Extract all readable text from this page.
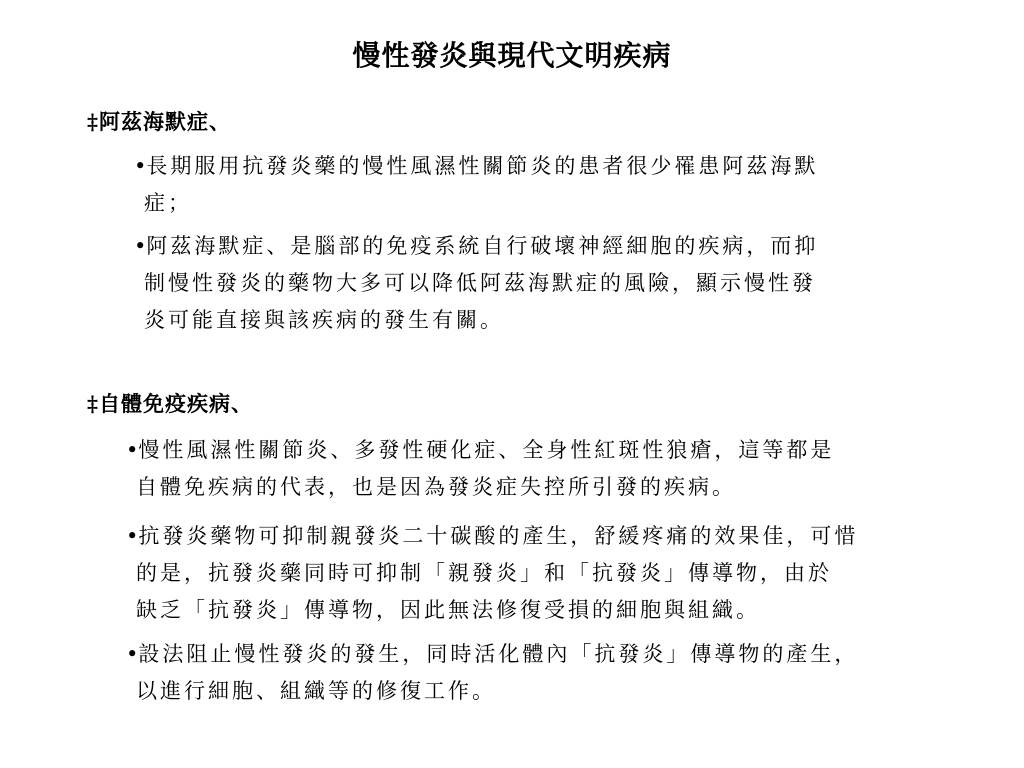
慢性發炎與現代文明疾病
‡阿茲海默症、
•長期服用抗發炎藥的慢性風濕性關節炎的患者很少罹患阿茲海默
症；
•阿茲海默症、是腦部的免疫系統自行破壞神經細胞的疾病，而抑
制慢性發炎的藥物大多可以降低阿茲海默症的風險，顯示慢性發
炎可能直接與該疾病的發生有關。
‡自體免疫疾病、
•慢性風濕性關節炎、多發性硬化症、全身性紅斑性狼瘡，這等都是
自體免疾病的代表，也是因為發炎症失控所引發的疾病。
•抗發炎藥物可抑制親發炎二十碳酸的產生，舒緩疼痛的效果佳，可惜
的是，抗發炎藥同時可抑制「親發炎」和「抗發炎」傳導物，由於
缺乏「抗發炎」傳導物，因此無法修復受損的細胞與組織。
•設法阻止慢性發炎的發生，同時活化體內「抗發炎」傳導物的產生，
以進行細胞、組織等的修復工作。
